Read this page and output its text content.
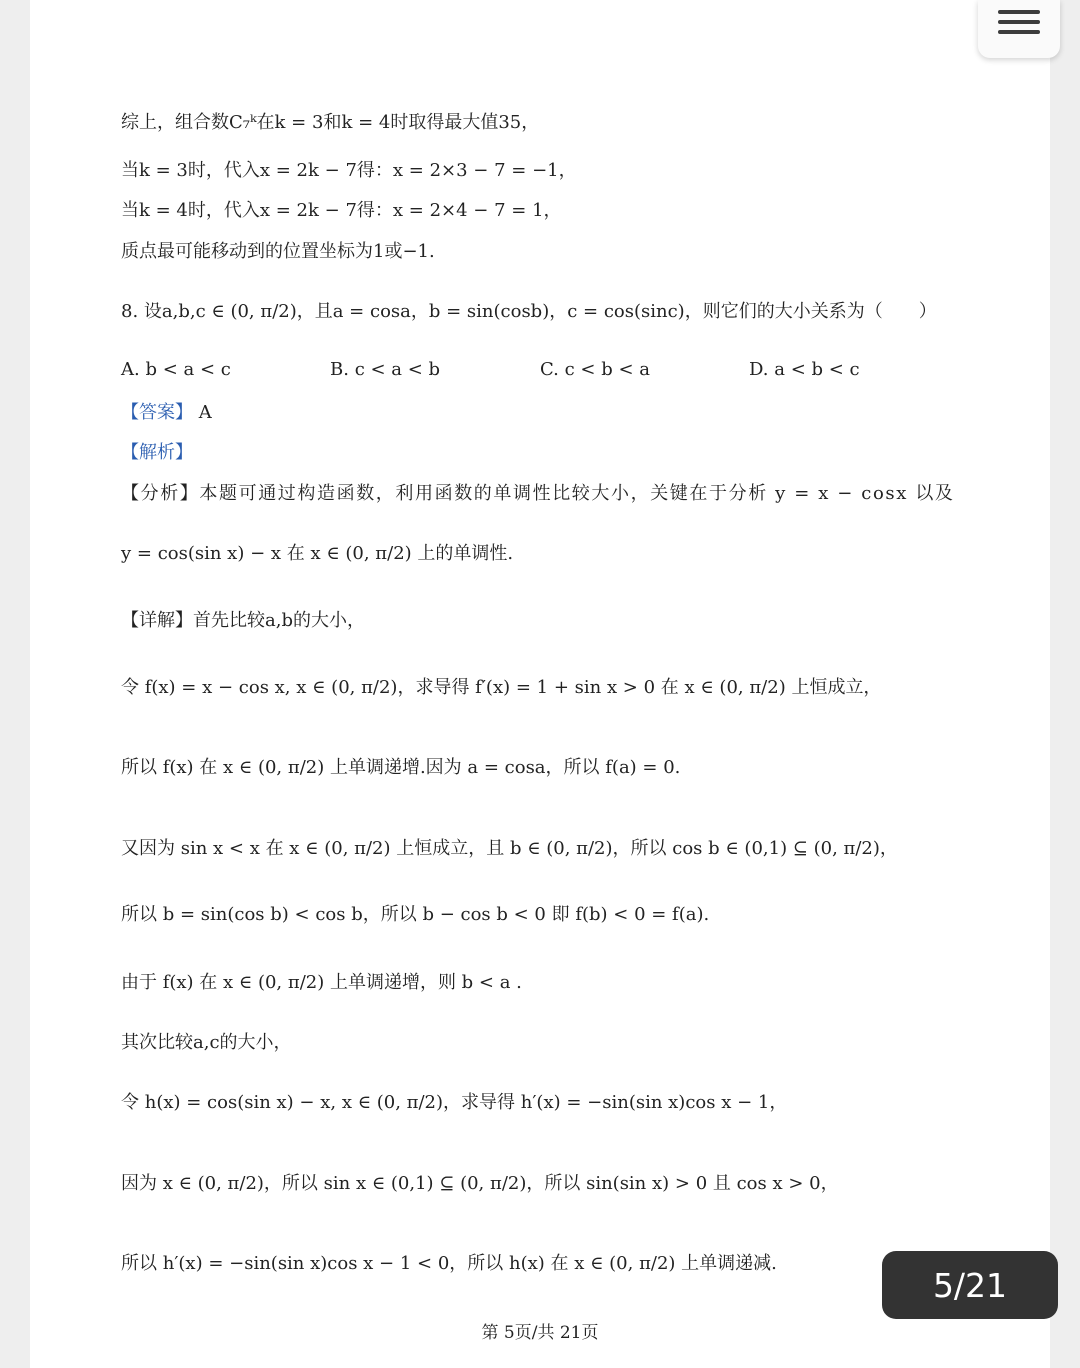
综上，组合数C₇ᵏ在k = 3和k = 4时取得最大值35，
当k = 3时，代入x = 2k − 7得：x = 2×3 − 7 = −1，
当k = 4时，代入x = 2k − 7得：x = 2×4 − 7 = 1，
质点最可能移动到的位置坐标为1或−1.
8. 设a,b,c ∈ (0, π/2)，且a = cosa，b = sin(cosb)，c = cos(sinc)，则它们的大小关系为（　　）
A. b < a < c	B. c < a < b	C. c < b < a	D. a < b < c
【答案】 A
【解析】
【分析】本题可通过构造函数，利用函数的单调性比较大小，关键在于分析 y = x − cosx 以及
y = cos(sin x) − x 在 x ∈ (0, π/2) 上的单调性.
【详解】首先比较a,b的大小，
令 f(x) = x − cos x, x ∈ (0, π/2)，求导得 f′(x) = 1 + sin x > 0 在 x ∈ (0, π/2) 上恒成立，
所以 f(x) 在 x ∈ (0, π/2) 上单调递增.因为 a = cosa，所以 f(a) = 0.
又因为 sin x < x 在 x ∈ (0, π/2) 上恒成立，且 b ∈ (0, π/2)，所以 cos b ∈ (0,1) ⊆ (0, π/2)，
所以 b = sin(cos b) < cos b，所以 b − cos b < 0 即 f(b) < 0 = f(a).
由于 f(x) 在 x ∈ (0, π/2) 上单调递增，则 b < a .
其次比较a,c的大小，
令 h(x) = cos(sin x) − x, x ∈ (0, π/2)，求导得 h′(x) = −sin(sin x)cos x − 1，
因为 x ∈ (0, π/2)，所以 sin x ∈ (0,1) ⊆ (0, π/2)，所以 sin(sin x) > 0 且 cos x > 0，
所以 h′(x) = −sin(sin x)cos x − 1 < 0，所以 h(x) 在 x ∈ (0, π/2) 上单调递减.
5/21
第 5页/共 21页
